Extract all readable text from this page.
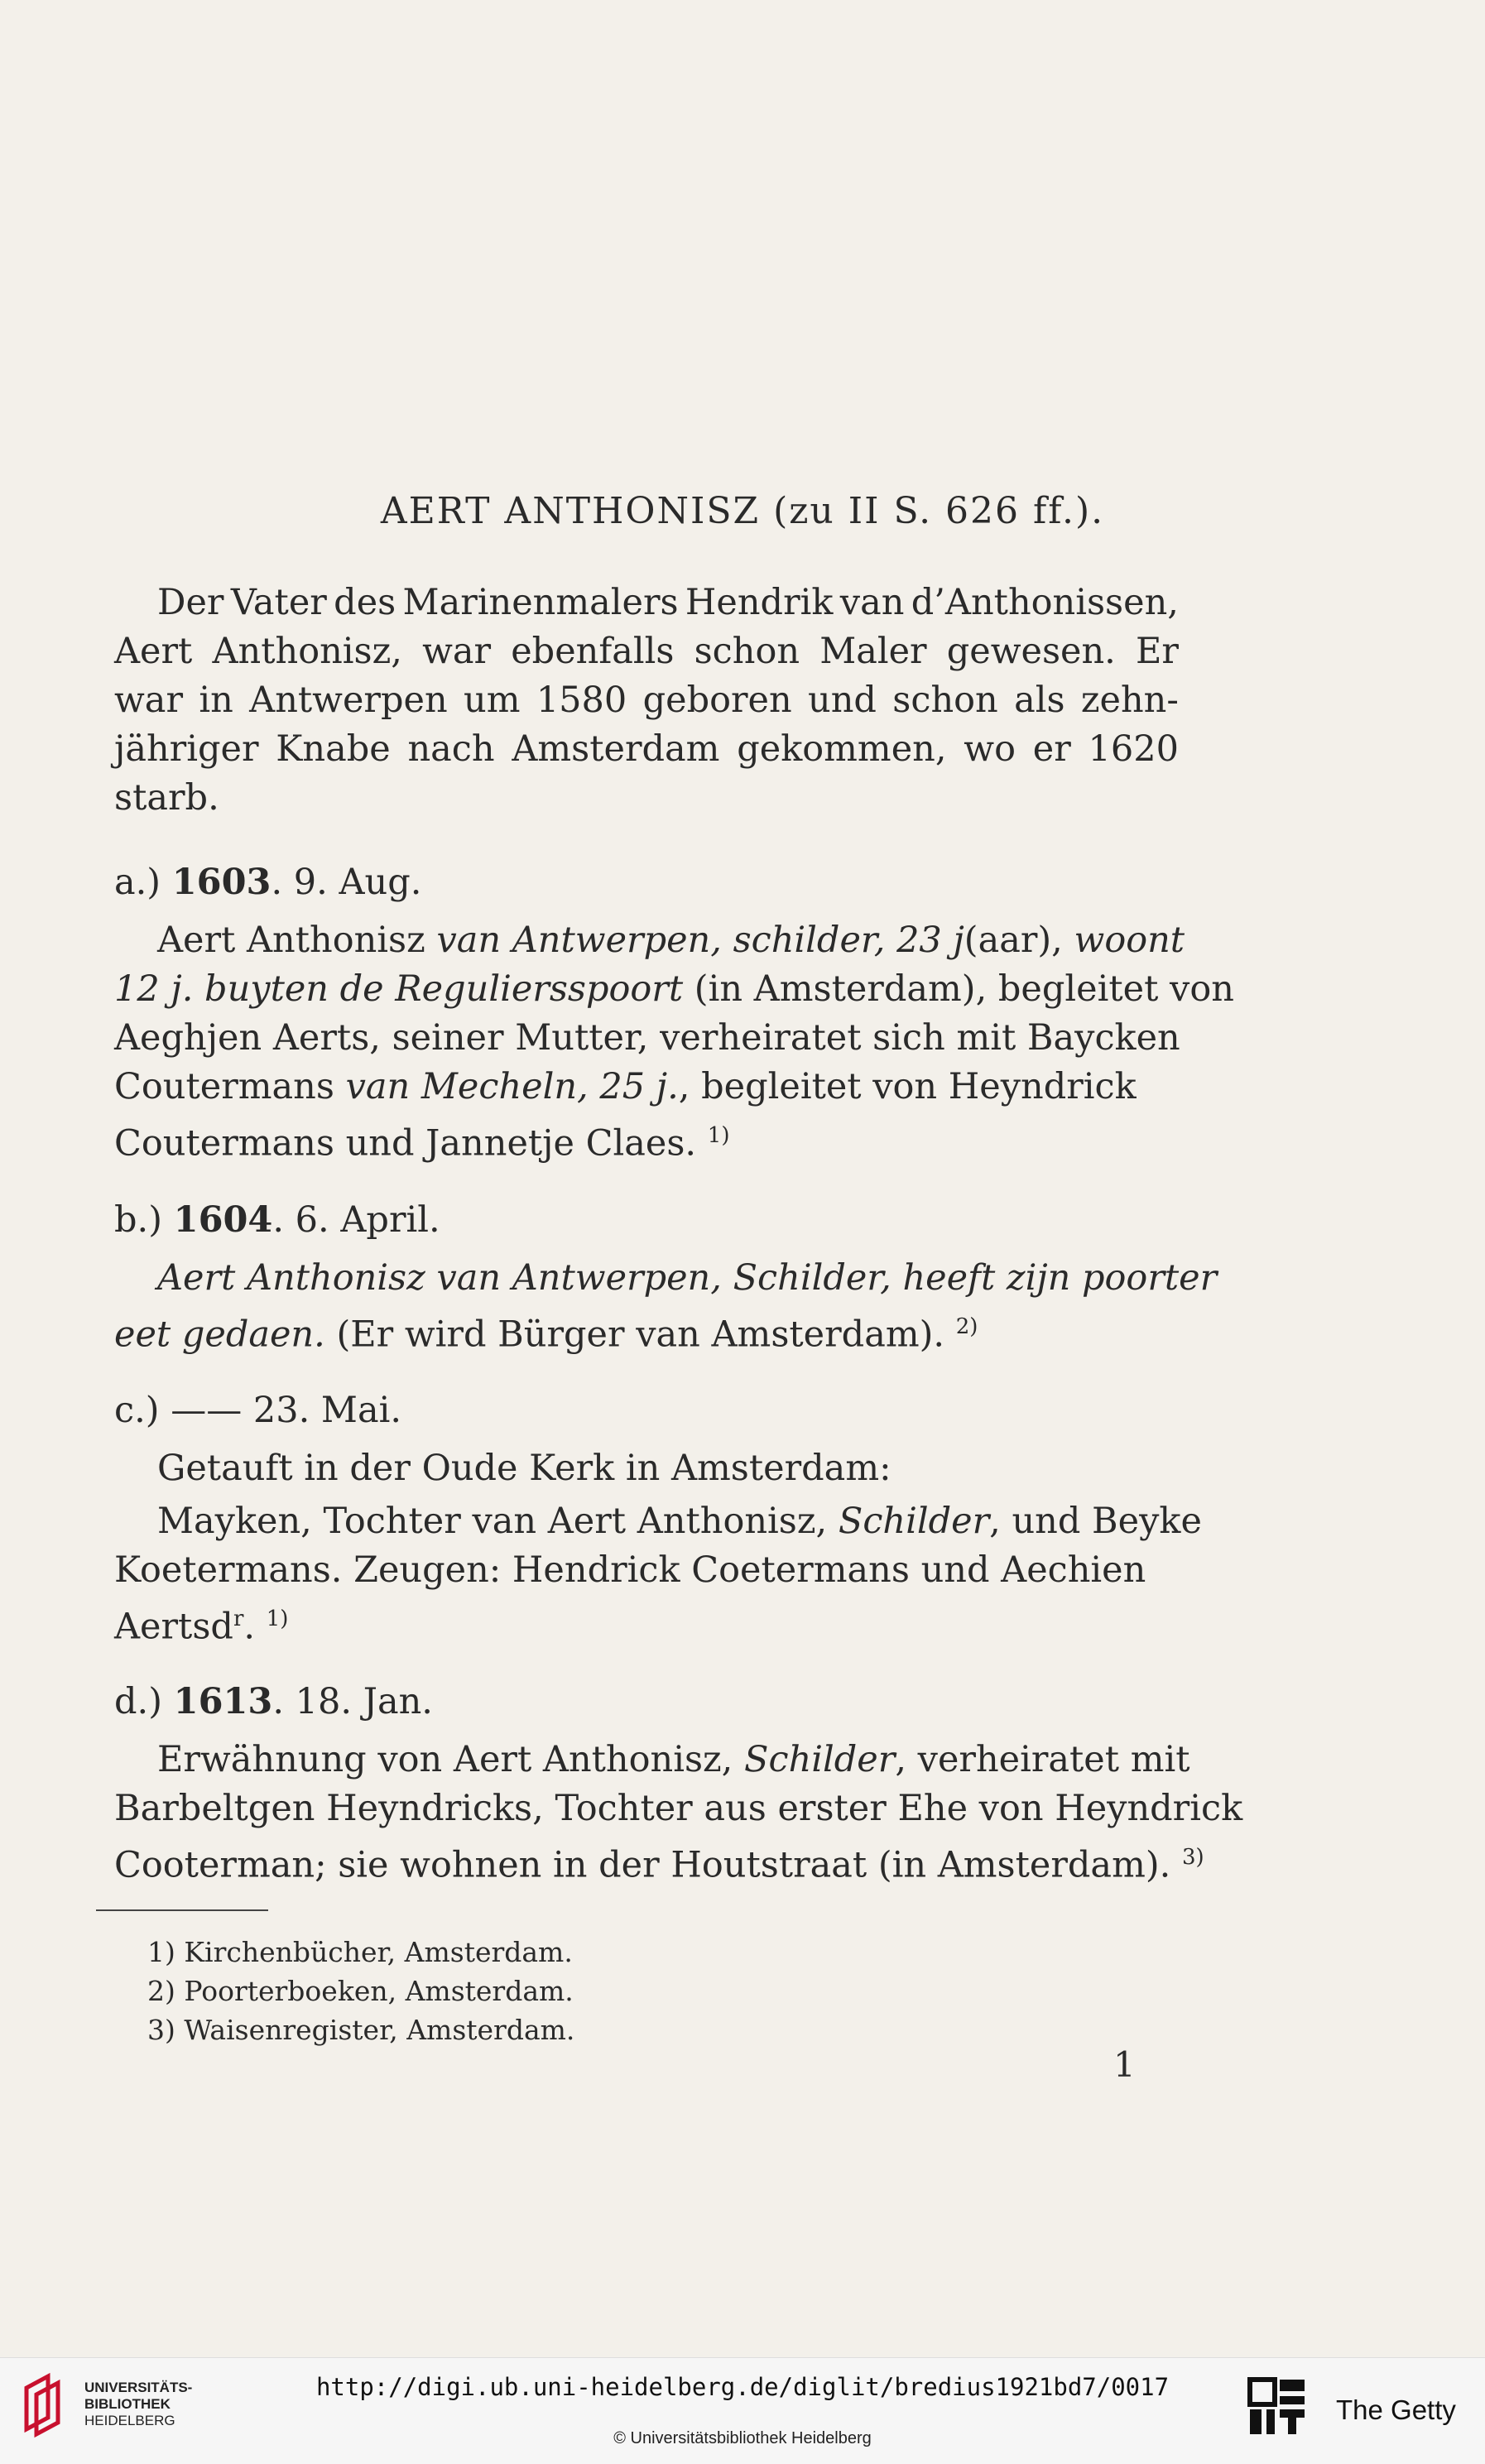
AERT ANTHONISZ (zu II S. 626 ff.).
Der Vater des Marinenmalers Hendrik van d’Anthonissen,
Aert Anthonisz, war ebenfalls schon Maler gewesen. Er
war in Antwerpen um 1580 geboren und schon als zehn-
jähriger Knabe nach Amsterdam gekommen, wo er 1620
starb.
a.) 1603. 9. Aug.
Aert Anthonisz van Antwerpen, schilder, 23 j(aar), woont
12 j. buyten de Reguliersspoort (in Amsterdam), begleitet von
Aeghjen Aerts, seiner Mutter, verheiratet sich mit Baycken
Coutermans van Mecheln, 25 j., begleitet von Heyndrick
Coutermans und Jannetje Claes. $^{1)}$
b.) 1604. 6. April.
Aert Anthonisz van Antwerpen, Schilder, heeft zijn poorter
eet gedaen. (Er wird Bürger van Amsterdam). $^{2)}$
c.) —— 23. Mai.
Getauft in der Oude Kerk in Amsterdam:
Mayken, Tochter van Aert Anthonisz, Schilder, und Beyke
Koetermans. Zeugen: Hendrick Coetermans und Aechien
Aertsd$^r$. $^{1)}$
d.) 1613. 18. Jan.
Erwähnung von Aert Anthonisz, Schilder, verheiratet mit
Barbeltgen Heyndricks, Tochter aus erster Ehe von Heyndrick
Cooterman; sie wohnen in der Houtstraat (in Amsterdam). $^{3)}$
1) Kirchenbücher, Amsterdam.
2) Poorterboeken, Amsterdam.
3) Waisenregister, Amsterdam.
1
UNIVERSITÄTS-
BIBLIOTHEK
HEIDELBERG
http://digi.ub.uni-heidelberg.de/diglit/bredius1921bd7/0017
© Universitätsbibliothek Heidelberg
The Getty
